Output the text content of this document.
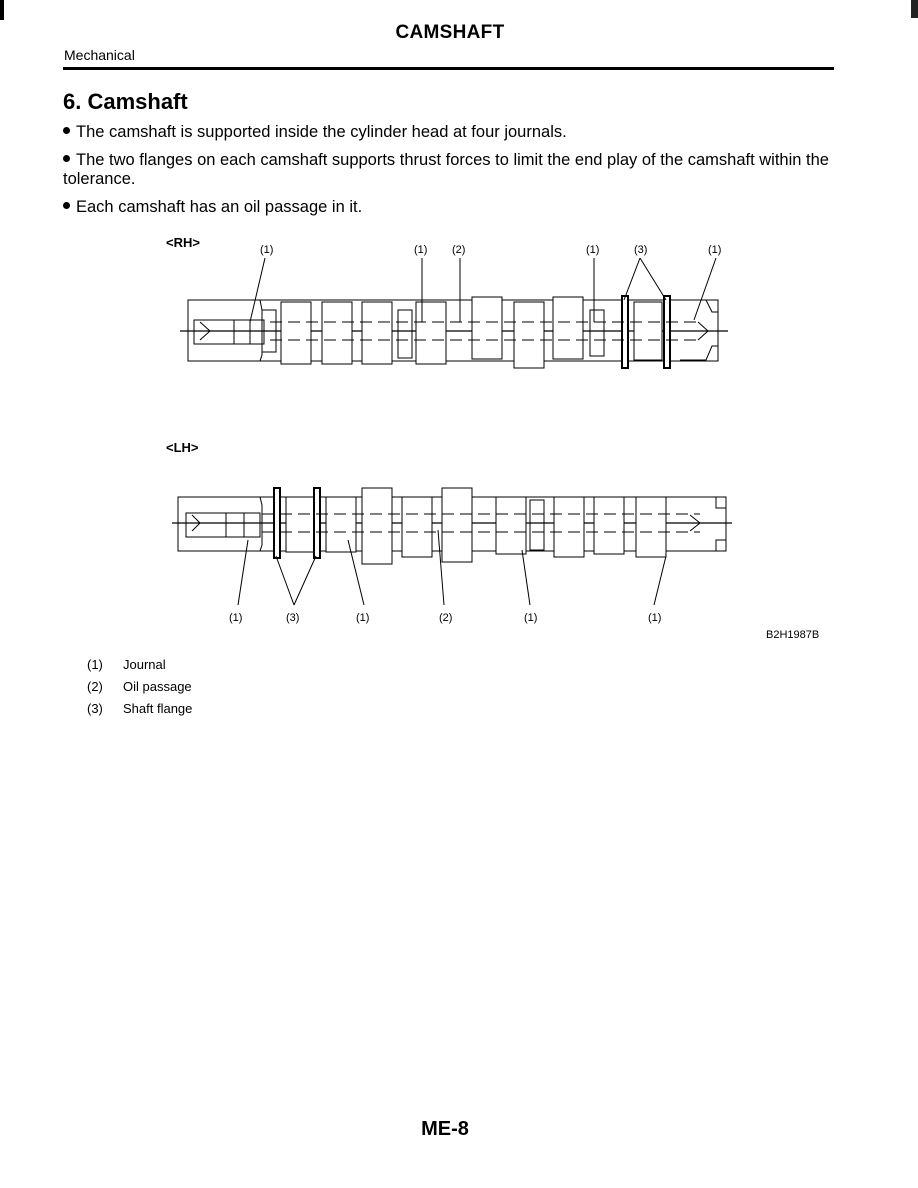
CAMSHAFT
Mechanical
6. Camshaft
The camshaft is supported inside the cylinder head at four journals.
The two flanges on each camshaft supports thrust forces to limit the end play of the camshaft within the tolerance.
Each camshaft has an oil passage in it.
<RH>	(1)	(1) (2)	(1)	(3)	(1)
<LH>
(1)	(3)	(1)	(2)	(1)	(1)
B2H1987B
(1) Journal
(2) Oil passage
(3) Shaft flange
ME-8
